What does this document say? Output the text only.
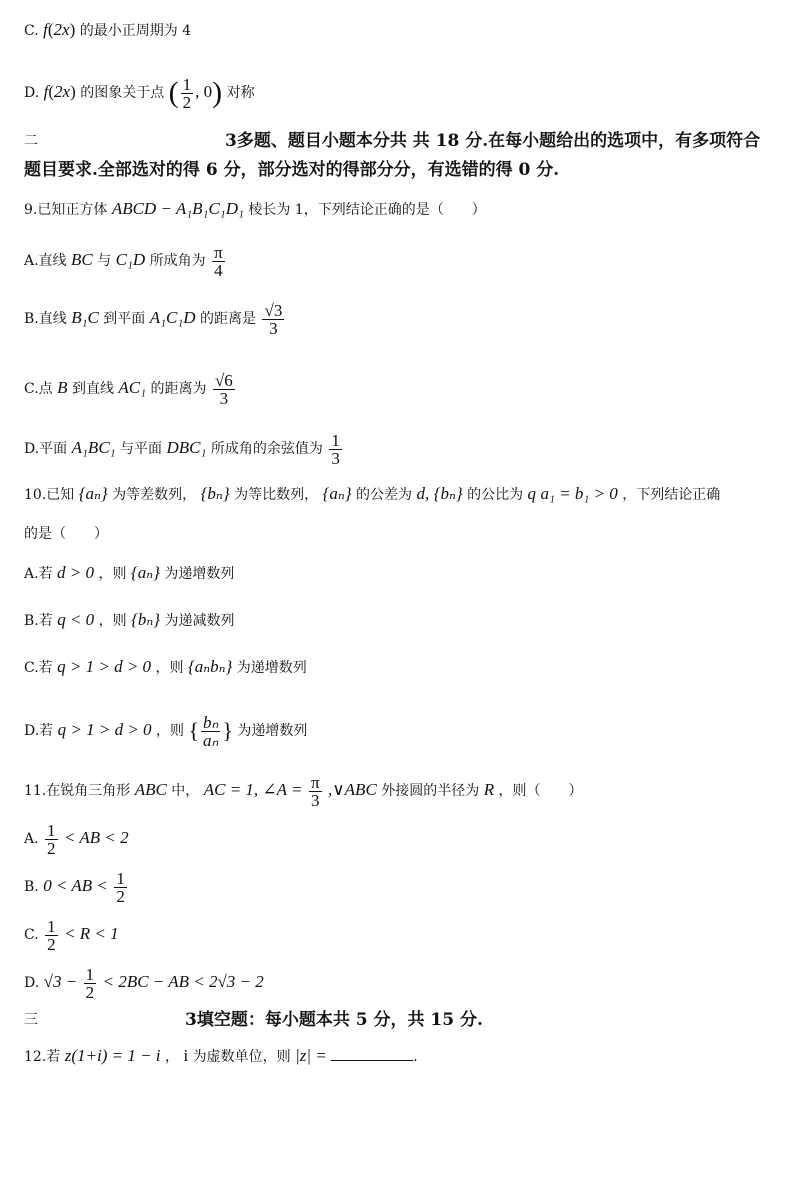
C. f(2x) 的最小正周期为 4
D. f(2x) 的图象关于点 ( $\frac{1}{2}$ , 0) 对称
二	3多题、题目小题本分共 共 18 分.在每小题给出的选项中，有多项符合
题目要求.全部选对的得 6 分，部分选对的得部分分，有选错的得 0 分.
9.已知正方体 ABCD − A₁B₁C₁D₁ 棱长为 1，下列结论正确的是（　　）
A.直线 BC 与 C₁D 所成角为 $\frac{\pi}{4}$
B.直线 B₁C 到平面 A₁C₁D 的距离是 $\frac{√3}{3}$
C.点 B 到直线 AC₁ 的距离为 $\frac{√6}{3}$
D.平面 A₁BC₁ 与平面 DBC₁ 所成角的余弦值为 $\frac{1}{3}$
10.已知 {aₙ} 为等差数列， {bₙ} 为等比数列， {aₙ} 的公差为 d, {bₙ} 的公比为 q a₁ = b₁ > 0 ，下列结论正确
的是（　　）
A.若 d > 0 ，则 {aₙ} 为递增数列
B.若 q < 0 ，则 {bₙ} 为递减数列
C.若 q > 1 > d > 0 ，则 {aₙbₙ} 为递增数列
D.若 q > 1 > d > 0 ，则 { $\frac{\text{bₙ}}{\text{aₙ}}$ } 为递增数列
11.在锐角三角形 ABC 中， AC = 1, ∠A = $\frac{\pi}{3}$ ,∨ABC 外接圆的半径为 R ，则（　　）
A. $\frac{1}{2}$ < AB < 2
B. 0 < AB < $\frac{1}{2}$
C. $\frac{1}{2} < R < 1$
D. $√3 - \frac{1}{2} < 2BC$ − AB < 2√3 − 2
三	3填空题：每小题本共 5 分，共 15 分.
12.若 z(1+i) = 1 − i ， i 为虚数单位，则 |z| =	.
